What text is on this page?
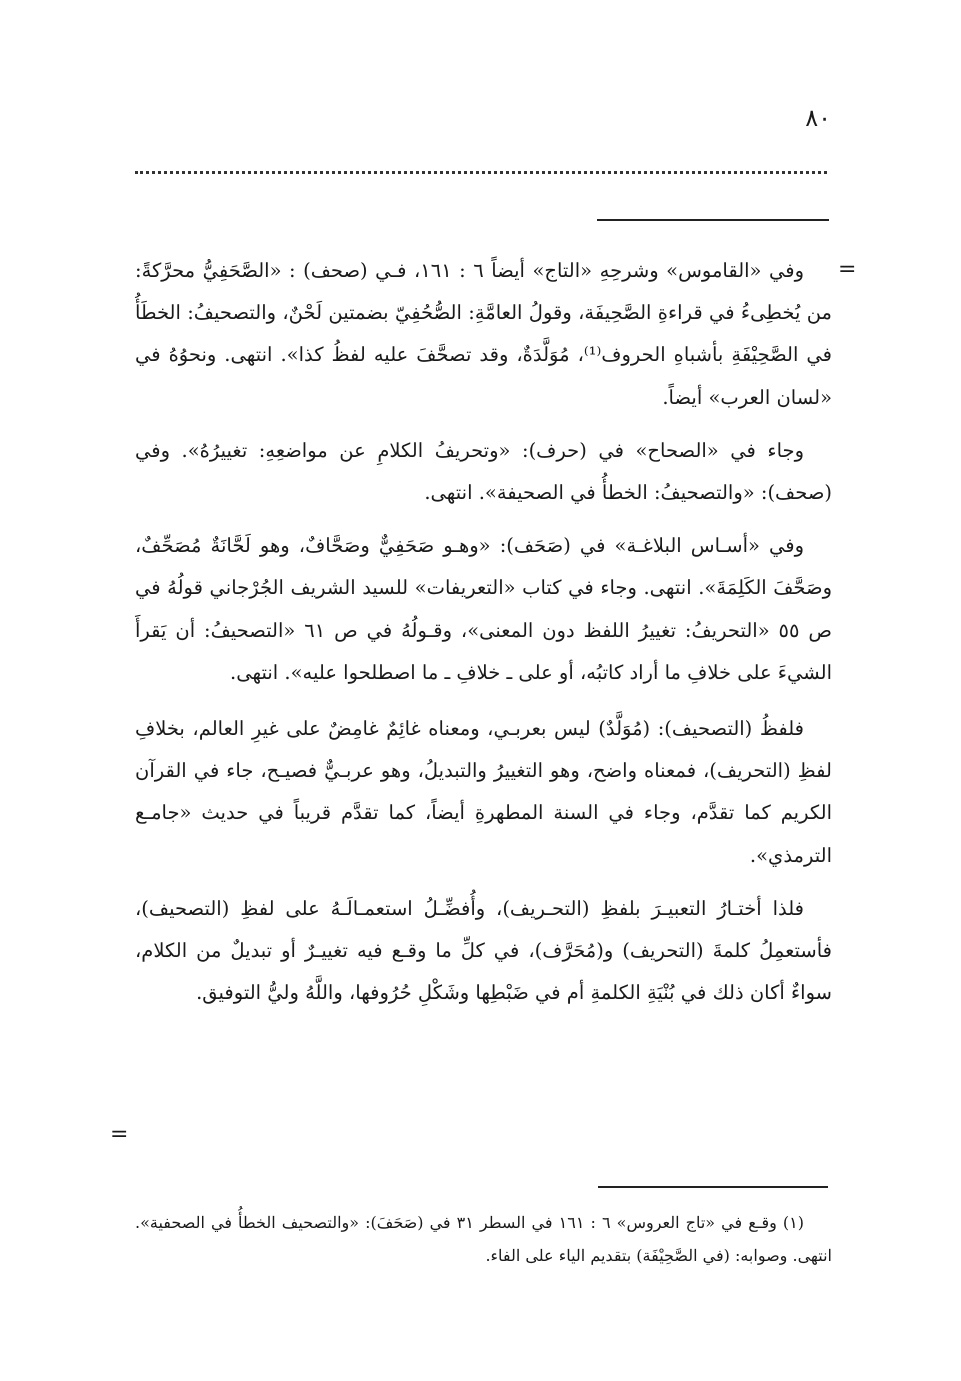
٨٠
=

وفي «القاموس» وشرحِهِ «التاج» أيضاً ٦ : ١٦١، فـي (صحف) : «الصَّحَفِيُّ محرَّكةً: من يُخطِىءُ في قراءةِ الصَّحِيفَة، وقولُ العامَّةِ: الصُّحُفِيّ بضمتين لَحْنٌ، والتصحيفُ: الخطَأُ في الصَّحِيْفَةِ بأشباهِ الحروف⁽¹⁾، مُوَلَّدَةٌ، وقد تصحَّفَ عليه لفظُ كذا». انتهى. ونحوُهُ في «لسان العرب» أيضاً.

وجاء في «الصحاح» في (حرف): «وتحريفُ الكلامِ عن مواضعِهِ: تغييرُهُ». وفي (صحف): «والتصحيفُ: الخطأُ في الصحيفة». انتهى.

وفي «أسـاس البلاغـة» في (صَحَف): «وهـو صَحَفِيٌّ وصَحَّافٌ، وهو لَحَّانَةٌ مُصَحِّفٌ، وصَحَّفَ الكَلِمَةَ». انتهى. وجاء في كتاب «التعريفات» للسيد الشريف الجُرْجاني قولُهُ في ص ٥٥ «التحريفُ: تغييرُ اللفظ دون المعنى»، وقـولُهُ في ص ٦١ «التصحيفُ: أن يَقرأَ الشيءَ على خلافِ ما أراد كاتبُه، أو على ـ خلافِ ـ ما اصطلحوا عليه». انتهى.

فلفظُ (التصحيف): (مُوَلَّدٌ) ليس بعربـي، ومعناه غائِمٌ غامِضٌ على غيرِ العالم، بخلافِ لفظِ (التحريف)، فمعناه واضح، وهو التغييرُ والتبديلُ، وهو عربـيٌّ فصيـح، جاء في القرآن الكريم كما تقدَّم، وجاء في السنة المطهرةِ أيضاً، كما تقدَّم قريباً في حديث «جامـع الترمذي».

فلذا أختـارُ التعبيـرَ بلفظِ (التحـريف)، وأُفضِّـلُ استعمـالَـهُ على لفظِ (التصحيف)، فأستعمِلُ كلمةَ (التحريف) و(مُحَرَّف)، في كلِّ ما وقـع فيه تغييـرٌ أو تبديلٌ من الكلام، سواءٌ أكان ذلك في بُنْيَةِ الكلمةِ أم في ضَبْطِها وشَكْلِ حُرُوفها، واللَّهُ وليُّ التوفيق.

=

(١) وقـع في «تاج العروس» ٦ : ١٦١ في السطر ٣١ في (صَحَفَ): «والتصحيف الخطأُ في الصحفية». انتهى. وصوابه: (في الصَّحِيْفَة) بتقديم الياء على الفاء.
